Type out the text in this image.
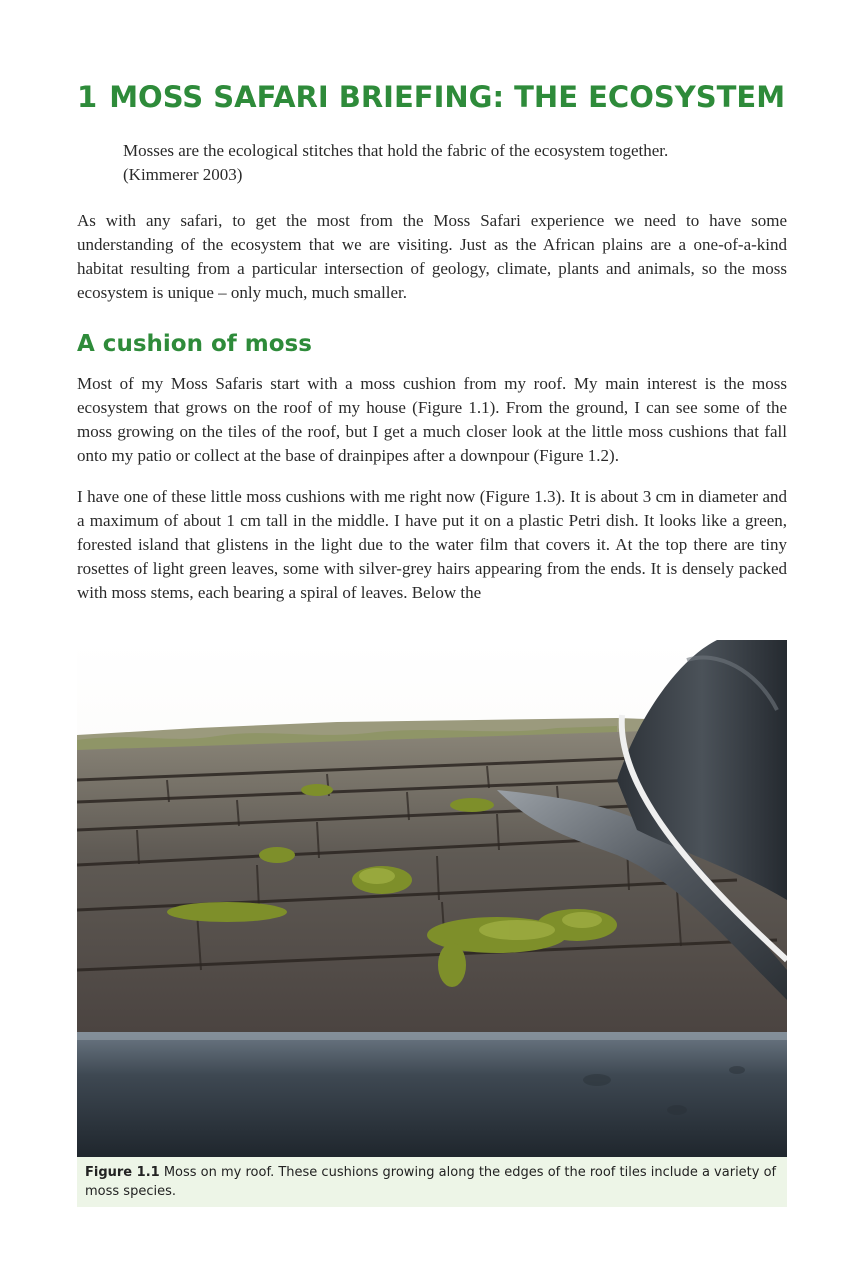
1 MOSS SAFARI BRIEFING: THE ECOSYSTEM
Mosses are the ecological stitches that hold the fabric of the ecosystem together.
(Kimmerer 2003)

As with any safari, to get the most from the Moss Safari experience we need to have some understanding of the ecosystem that we are visiting. Just as the African plains are a one-of-a-kind habitat resulting from a particular intersection of geology, climate, plants and animals, so the moss ecosystem is unique – only much, much smaller.

A cushion of moss

Most of my Moss Safaris start with a moss cushion from my roof. My main interest is the moss ecosystem that grows on the roof of my house (Figure 1.1). From the ground, I can see some of the moss growing on the tiles of the roof, but I get a much closer look at the little moss cushions that fall onto my patio or collect at the base of drainpipes after a downpour (Figure 1.2).

I have one of these little moss cushions with me right now (Figure 1.3). It is about 3 cm in diameter and a maximum of about 1 cm tall in the middle. I have put it on a plastic Petri dish. It looks like a green, forested island that glistens in the light due to the water film that covers it. At the top there are tiny rosettes of light green leaves, some with silver-grey hairs appearing from the ends. It is densely packed with moss stems, each bearing a spiral of leaves. Below the

Figure 1.1 Moss on my roof. These cushions growing along the edges of the roof tiles include a variety of moss species.
